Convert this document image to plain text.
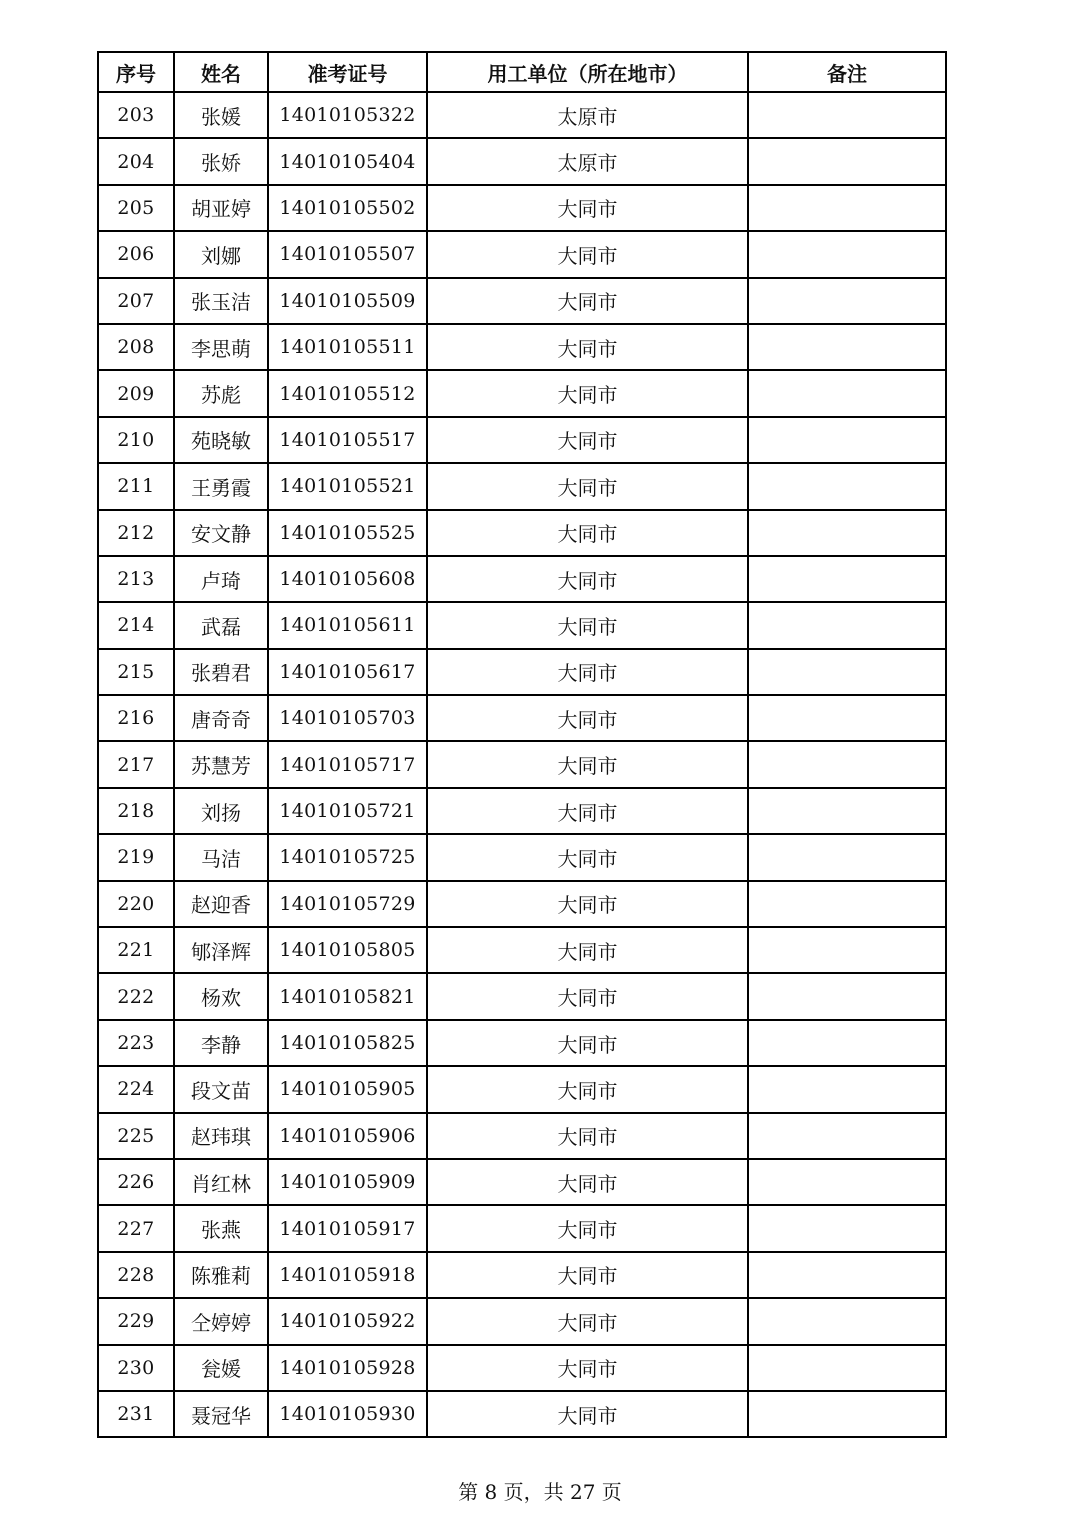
序号	姓名	准考证号	用工单位（所在地市）	备注
203	张媛	14010105322	太原市	
204	张娇	14010105404	太原市	
205	胡亚婷	14010105502	大同市	
206	刘娜	14010105507	大同市	
207	张玉洁	14010105509	大同市	
208	李思萌	14010105511	大同市	
209	苏彪	14010105512	大同市	
210	苑晓敏	14010105517	大同市	
211	王勇霞	14010105521	大同市	
212	安文静	14010105525	大同市	
213	卢琦	14010105608	大同市	
214	武磊	14010105611	大同市	
215	张碧君	14010105617	大同市	
216	唐奇奇	14010105703	大同市	
217	苏慧芳	14010105717	大同市	
218	刘扬	14010105721	大同市	
219	马洁	14010105725	大同市	
220	赵迎香	14010105729	大同市	
221	郇泽辉	14010105805	大同市	
222	杨欢	14010105821	大同市	
223	李静	14010105825	大同市	
224	段文苗	14010105905	大同市	
225	赵玮琪	14010105906	大同市	
226	肖红林	14010105909	大同市	
227	张燕	14010105917	大同市	
228	陈雅莉	14010105918	大同市	
229	仝婷婷	14010105922	大同市	
230	瓮媛	14010105928	大同市	
231	聂冠华	14010105930	大同市	
第 8 页，共 27 页
